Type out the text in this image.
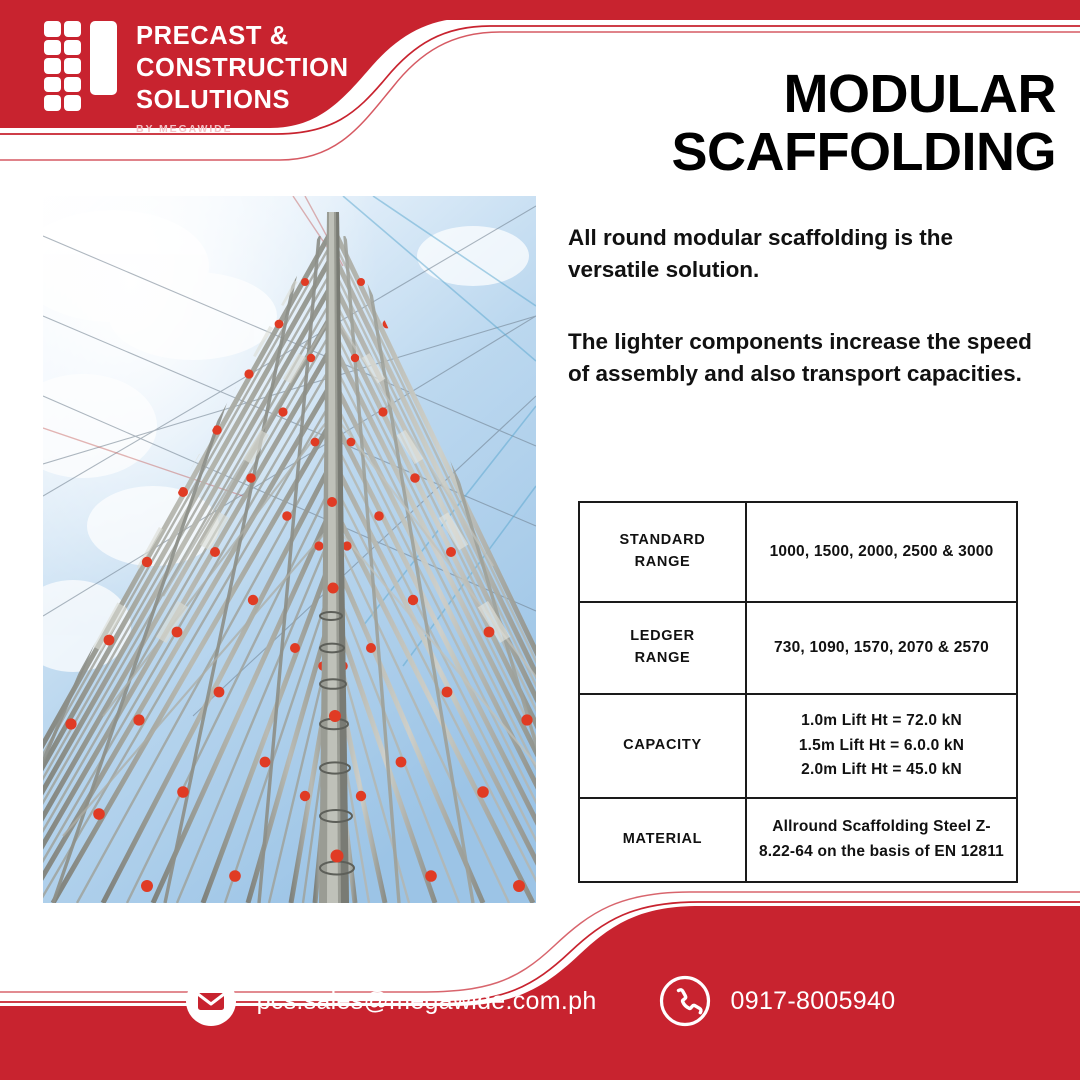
PRECAST &
CONSTRUCTION
SOLUTIONS
BY MEGAWIDE
MODULAR
SCAFFOLDING

All round modular scaffolding is the versatile solution.

The lighter components increase the speed of assembly and also transport capacities.

STANDARD
RANGE	1000, 1500, 2000, 2500 & 3000

LEDGER
RANGE	730, 1090, 1570, 2070 & 2570

CAPACITY	1.0m Lift Ht = 72.0 kN
1.5m Lift Ht = 6.0.0 kN
2.0m Lift Ht = 45.0 kN

MATERIAL	Allround Scaffolding Steel Z-8.22-64 on the basis of EN 12811
pcs.sales@megawide.com.ph	0917-8005940
